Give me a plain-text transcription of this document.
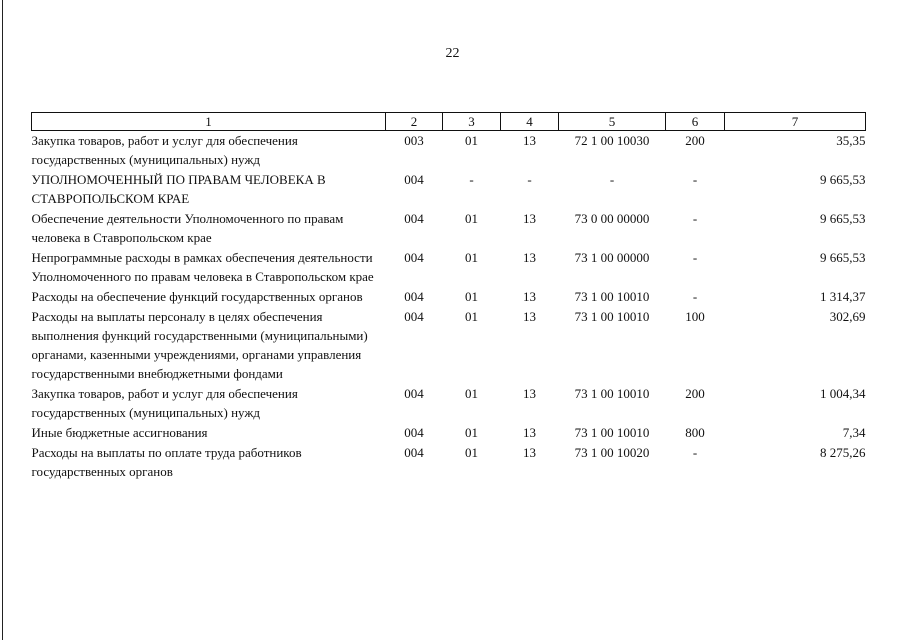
22
1	2	3	4	5	6	7
Закупка товаров, работ и услуг для обеспечения государственных (муниципальных) нужд	003	01	13	72 1 00 10030	200	35,35
УПОЛНОМОЧЕННЫЙ ПО ПРАВАМ ЧЕЛОВЕКА В СТАВРОПОЛЬСКОМ КРАЕ	004	-	-	-	-	9 665,53
Обеспечение деятельности Уполномоченного по правам человека в Ставропольском крае	004	01	13	73 0 00 00000	-	9 665,53
Непрограммные расходы в рамках обеспечения деятельности Уполномоченного по правам человека в Ставропольском крае	004	01	13	73 1 00 00000	-	9 665,53
Расходы на обеспечение функций государственных органов	004	01	13	73 1 00 10010	-	1 314,37
Расходы на выплаты персоналу в целях обеспечения выполнения функций государственными (муниципальными) органами, казенными учреждениями, органами управления государственными внебюджетными фондами	004	01	13	73 1 00 10010	100	302,69
Закупка товаров, работ и услуг для обеспечения государственных (муниципальных) нужд	004	01	13	73 1 00 10010	200	1 004,34
Иные бюджетные ассигнования	004	01	13	73 1 00 10010	800	7,34
Расходы на выплаты по оплате труда работников государственных органов	004	01	13	73 1 00 10020	-	8 275,26
